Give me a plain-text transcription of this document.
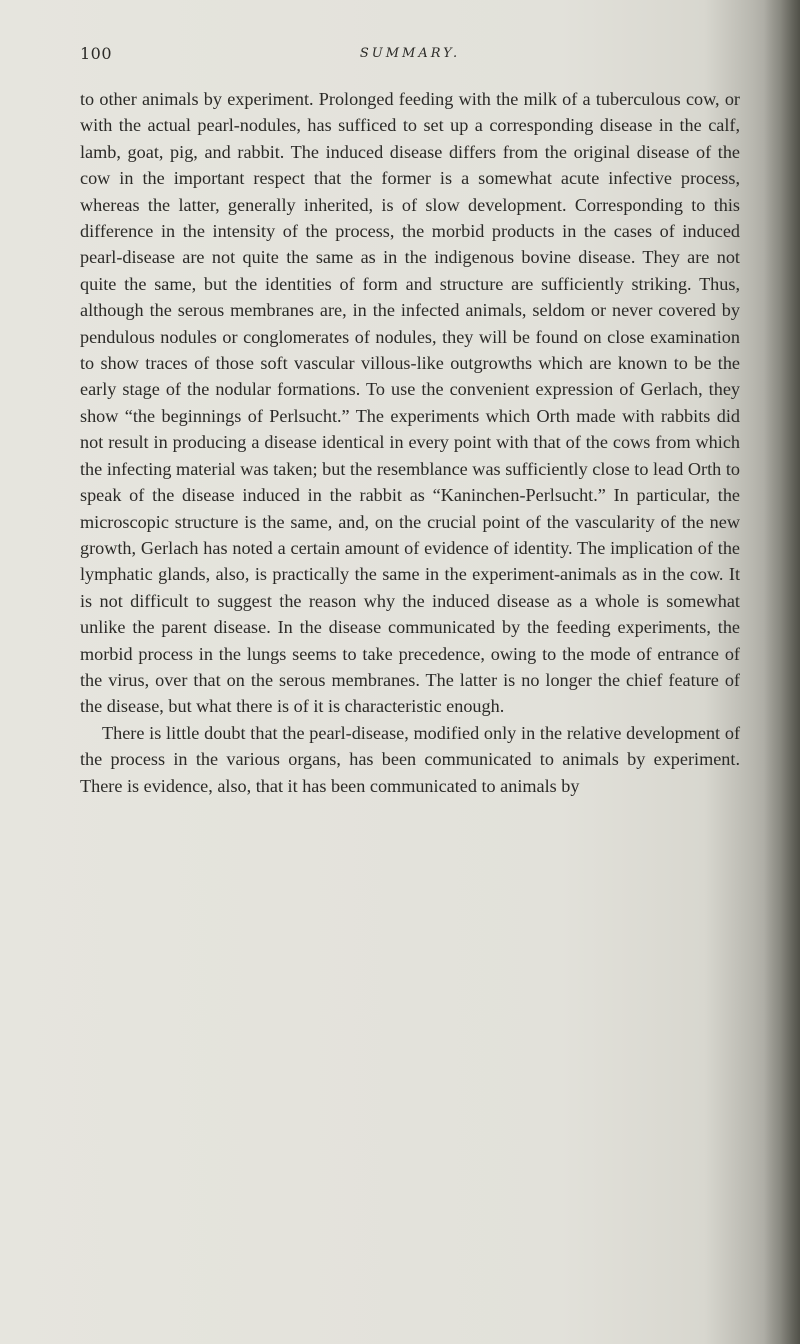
100	SUMMARY.

to other animals by experiment. Prolonged feeding with the milk of a tuberculous cow, or with the actual pearl-nodules, has sufficed to set up a corresponding disease in the calf, lamb, goat, pig, and rabbit. The induced disease differs from the original disease of the cow in the important respect that the former is a somewhat acute infective process, whereas the latter, generally inherited, is of slow development. Corresponding to this difference in the intensity of the process, the morbid products in the cases of induced pearl-disease are not quite the same as in the indigenous bovine disease. They are not quite the same, but the identities of form and structure are sufficiently striking. Thus, although the serous membranes are, in the infected animals, seldom or never covered by pendulous nodules or conglomerates of nodules, they will be found on close examination to show traces of those soft vascular villous-like outgrowths which are known to be the early stage of the nodular formations. To use the convenient expression of Gerlach, they show “the beginnings of Perlsucht.” The experiments which Orth made with rabbits did not result in producing a disease identical in every point with that of the cows from which the infecting material was taken; but the resemblance was sufficiently close to lead Orth to speak of the disease induced in the rabbit as “Kaninchen-Perlsucht.” In particular, the microscopic structure is the same, and, on the crucial point of the vascularity of the new growth, Gerlach has noted a certain amount of evidence of identity. The implication of the lymphatic glands, also, is practically the same in the experiment-animals as in the cow. It is not difficult to suggest the reason why the induced disease as a whole is somewhat unlike the parent disease. In the disease communicated by the feeding experiments, the morbid process in the lungs seems to take precedence, owing to the mode of entrance of the virus, over that on the serous membranes. The latter is no longer the chief feature of the disease, but what there is of it is characteristic enough.

There is little doubt that the pearl-disease, modified only in the relative development of the process in the various organs, has been communicated to animals by experiment. There is evidence, also, that it has been communicated to animals by
